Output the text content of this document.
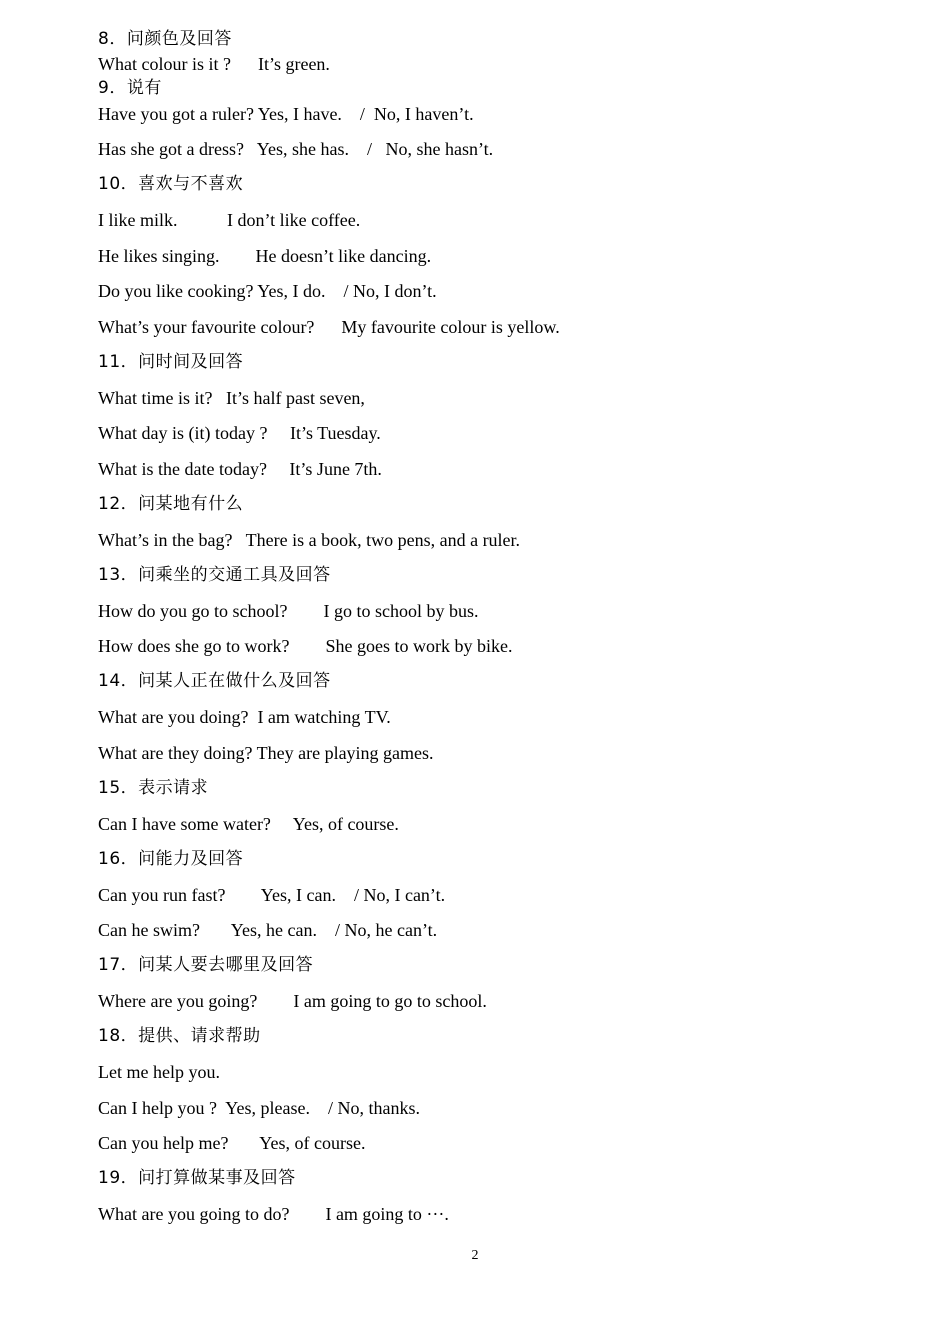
8．问颜色及回答
What colour is it ?      It’s green.
9．说有
Have you got a ruler? Yes, I have.    /  No, I haven’t.
Has she got a dress?   Yes, she has.    /   No, she hasn’t.
10．喜欢与不喜欢
I like milk.           I don’t like coffee.
He likes singing.        He doesn’t like dancing.
Do you like cooking? Yes, I do.    / No, I don’t.
What’s your favourite colour?      My favourite colour is yellow.
11．问时间及回答
What time is it?   It’s half past seven,
What day is (it) today ?     It’s Tuesday.
What is the date today?     It’s June 7th.
12．问某地有什么
What’s in the bag?   There is a book, two pens, and a ruler.
13．问乘坐的交通工具及回答
How do you go to school?        I go to school by bus.
How does she go to work?        She goes to work by bike.
14．问某人正在做什么及回答
What are you doing?  I am watching TV.
What are they doing? They are playing games.
15．表示请求
Can I have some water?     Yes, of course.
16．问能力及回答
Can you run fast?        Yes, I can.    / No, I can’t.
Can he swim?       Yes, he can.    / No, he can’t.
17．问某人要去哪里及回答
Where are you going?        I am going to go to school.
18．提供、请求帮助
Let me help you.
Can I help you ?  Yes, please.    / No, thanks.
Can you help me?       Yes, of course.
19．问打算做某事及回答
What are you going to do?        I am going to ···.
2
